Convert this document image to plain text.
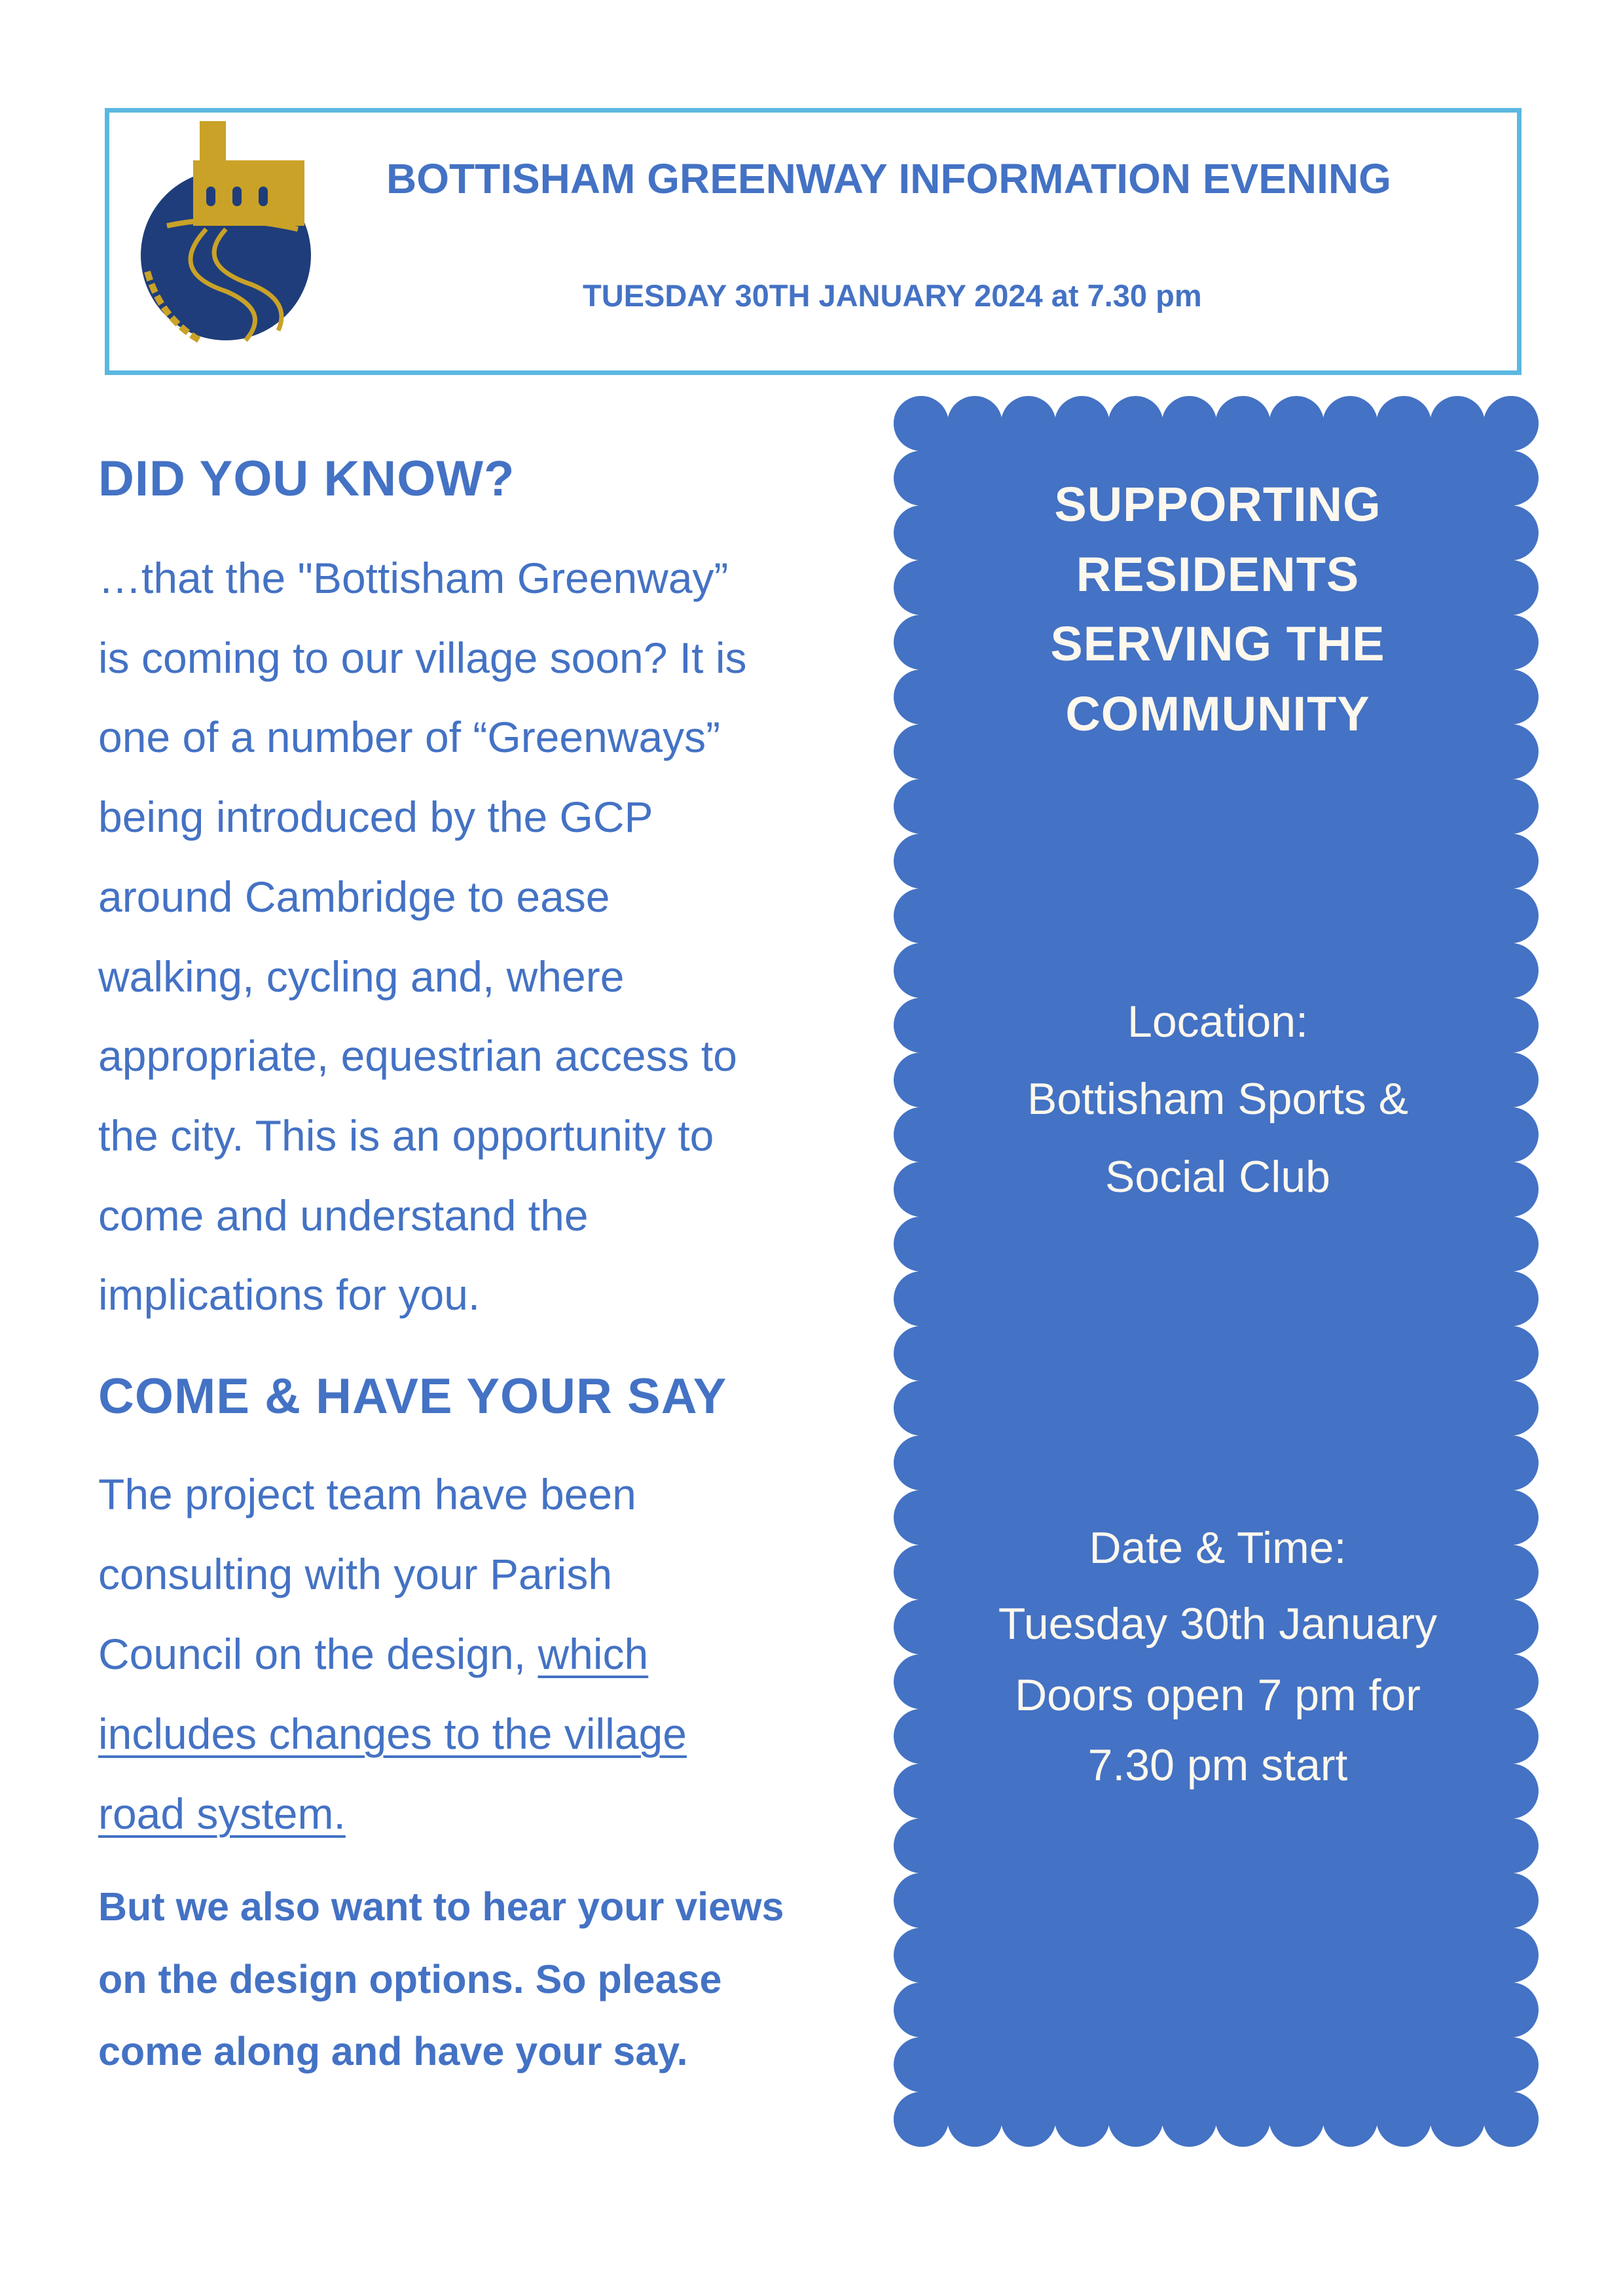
BOTTISHAM GREENWAY INFORMATION EVENING
TUESDAY 30TH JANUARY 2024 at 7.30 pm
DID YOU KNOW?
…that the "Bottisham Greenway”
is coming to our village soon? It is
one of a number of “Greenways”
being introduced by the GCP
around Cambridge to ease
walking, cycling and, where
appropriate, equestrian access to
the city. This is an opportunity to
come and understand the
implications for you.
COME & HAVE YOUR SAY
The project team have been
consulting with your Parish
Council on the design, which
includes changes to the village
road system.
But we also want to hear your views
on the design options. So please
come along and have your say.
SUPPORTING
RESIDENTS
SERVING THE
COMMUNITY
Location:
Bottisham Sports &
Social Club
Date & Time:
Tuesday 30th January
Doors open 7 pm for
7.30 pm start
